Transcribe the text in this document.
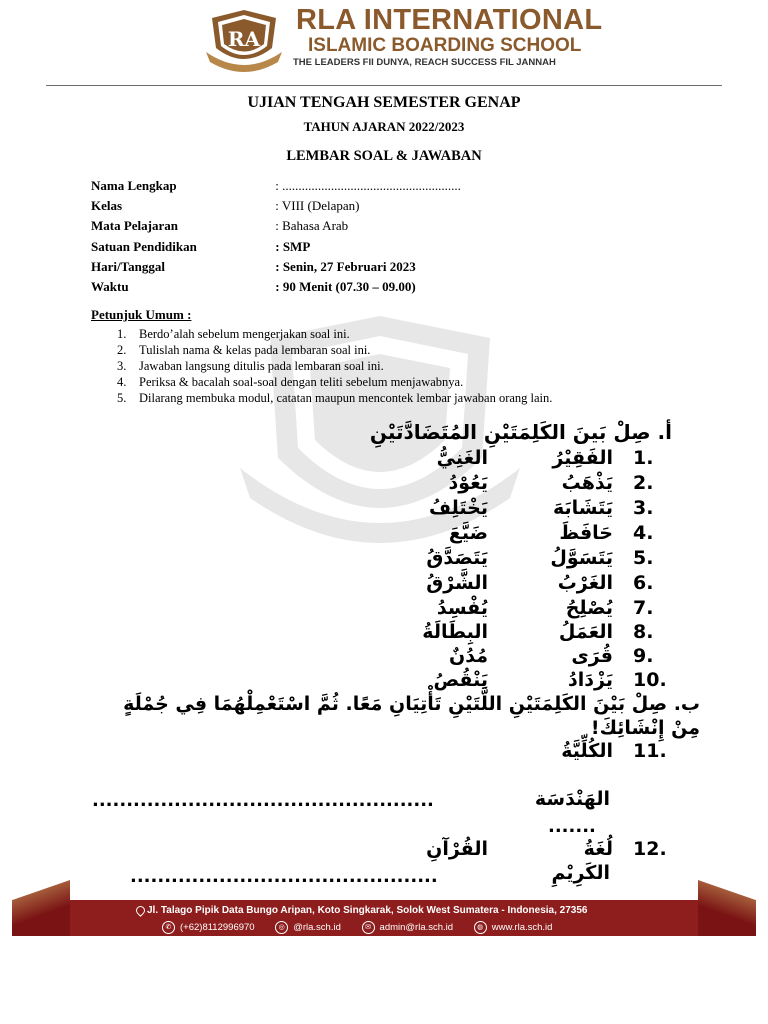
RA
RLA INTERNATIONAL
ISLAMIC BOARDING SCHOOL
THE LEADERS FII DUNYA, REACH SUCCESS FIL JANNAH
UJIAN TENGAH SEMESTER GENAP
TAHUN AJARAN 2022/2023
LEMBAR SOAL & JAWABAN
Nama Lengkap	: .......................................................
Kelas	: VIII (Delapan)
Mata Pelajaran	: Bahasa Arab
Satuan Pendidikan	: SMP
Hari/Tanggal	: Senin, 27 Februari 2023
Waktu	: 90 Menit (07.30 – 09.00)
Petunjuk Umum :
1. Berdo’alah sebelum mengerjakan soal ini.
2. Tulislah nama & kelas pada lembaran soal ini.
3. Jawaban langsung ditulis pada lembaran soal ini.
4. Periksa & bacalah soal-soal dengan teliti sebelum menjawabnya.
5. Dilarang membuka modul, catatan maupun mencontek lembar jawaban orang lain.
أ. صِلْ بَينَ الكَلِمَتَيْنِ المُتَضَادَّتَيْنِ
1.
الفَقِيْرُ
الغَنِيُّ
2.
يَذْهَبُ
يَعُوْدُ
3.
يَتَشَابَهَ
يَخْتَلِفُ
4.
حَافَظَ
ضَيَّعَ
5.
يَتَسَوَّلُ
يَتَصَدَّقُ
6.
الغَرْبُ
الشَّرْقُ
7.
يُصْلِحُ
يُفْسِدُ
8.
العَمَلُ
البِطَالَةُ
9.
قُرَى
مُدُنٌ
10.
يَزْدَادُ
يَنْقُصُ
ب. صِلْ بَيْنَ الكَلِمَتَيْنِ اللَّتَيْنِ تَأْتِيَانِ مَعًا. ثُمَّ اسْتَعْمِلْهُمَا فِي جُمْلَةٍ مِنْ إِنْشَائِكَ!
11.
الكُلِّيَّةُ
الهَنْدَسَة
..................................................
.......
12.
لُغَةُ
القُرْآنِ
الكَرِيْمِ
.............................................
Jl. Talago Pipik Data Bungo Aripan, Koto Singkarak, Solok West Sumatera - Indonesia, 27356
✆ (+62)8112996970
	◎ @rla.sch.id
	✉ admin@rla.sch.id
	◍ www.rla.sch.id
